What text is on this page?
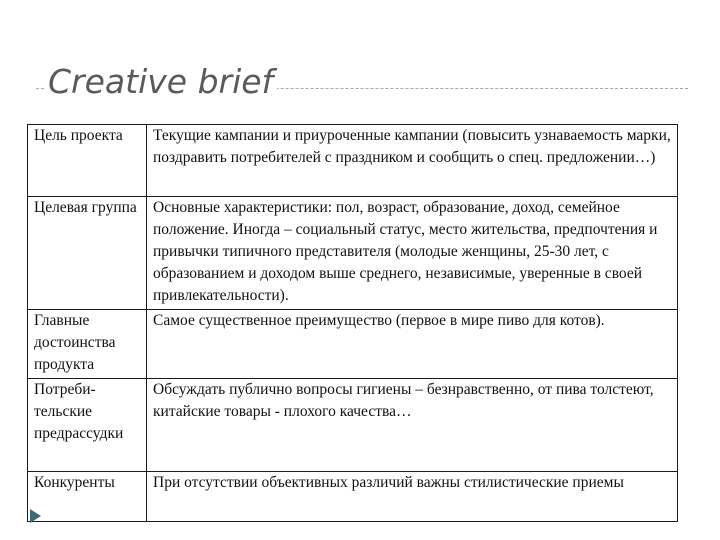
Creative brief
Цель проекта	Текущие кампании и приуроченные кампании (повысить узнаваемость марки, поздравить потребителей с праздником и сообщить о спец. предложении…)
Целевая группа	Основные характеристики: пол, возраст, образование, доход, семейное положение. Иногда – социальный статус, место жительства, предпочтения и привычки типичного представителя (молодые женщины, 25-30 лет, с образованием и доходом выше среднего, независимые, уверенные в своей привлекательности).
Главные достоинства продукта	Самое существенное преимущество (первое в мире пиво для котов).
Потребительские предрассудки	Обсуждать публично вопросы гигиены – безнравственно, от пива толстеют, китайские товары - плохого качества…
Конкуренты	При отсутствии объективных различий важны стилистические приемы
